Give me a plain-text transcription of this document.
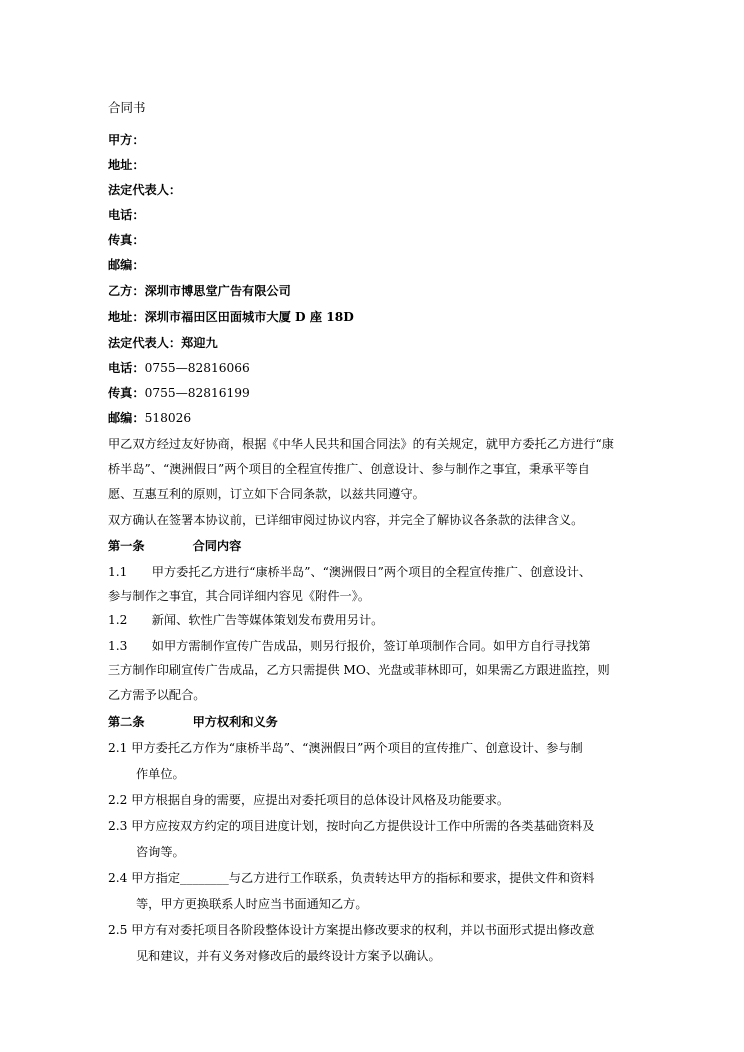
合同书
甲方：
地址：
法定代表人：
电话：
传真：
邮编：
乙方：深圳市博思堂广告有限公司
地址：深圳市福田区田面城市大厦 D 座 18D
法定代表人：郑迎九
电话：0755—82816066
传真：0755—82816199
邮编：518026
甲乙双方经过友好协商，根据《中华人民共和国合同法》的有关规定，就甲方委托乙方进行“康
桥半岛”、“澳洲假日”两个项目的全程宣传推广、创意设计、参与制作之事宜，秉承平等自
愿、互惠互利的原则，订立如下合同条款，以兹共同遵守。
双方确认在签署本协议前，已详细审阅过协议内容，并完全了解协议各条款的法律含义。
第一条	合同内容
1.1　　甲方委托乙方进行“康桥半岛”、“澳洲假日”两个项目的全程宣传推广、创意设计、
参与制作之事宜，其合同详细内容见《附件一》。
1.2　　新闻、软性广告等媒体策划发布费用另计。
1.3　　如甲方需制作宣传广告成品，则另行报价，签订单项制作合同。如甲方自行寻找第
三方制作印刷宣传广告成品，乙方只需提供 MO、光盘或菲林即可，如果需乙方跟进监控，则
乙方需予以配合。
第二条	甲方权利和义务
2.1 甲方委托乙方作为“康桥半岛”、“澳洲假日”两个项目的宣传推广、创意设计、参与制
作单位。
2.2 甲方根据自身的需要，应提出对委托项目的总体设计风格及功能要求。
2.3 甲方应按双方约定的项目进度计划，按时向乙方提供设计工作中所需的各类基础资料及
咨询等。
2.4 甲方指定________与乙方进行工作联系，负责转达甲方的指标和要求，提供文件和资料
等，甲方更换联系人时应当书面通知乙方。
2.5 甲方有对委托项目各阶段整体设计方案提出修改要求的权利，并以书面形式提出修改意
见和建议，并有义务对修改后的最终设计方案予以确认。
